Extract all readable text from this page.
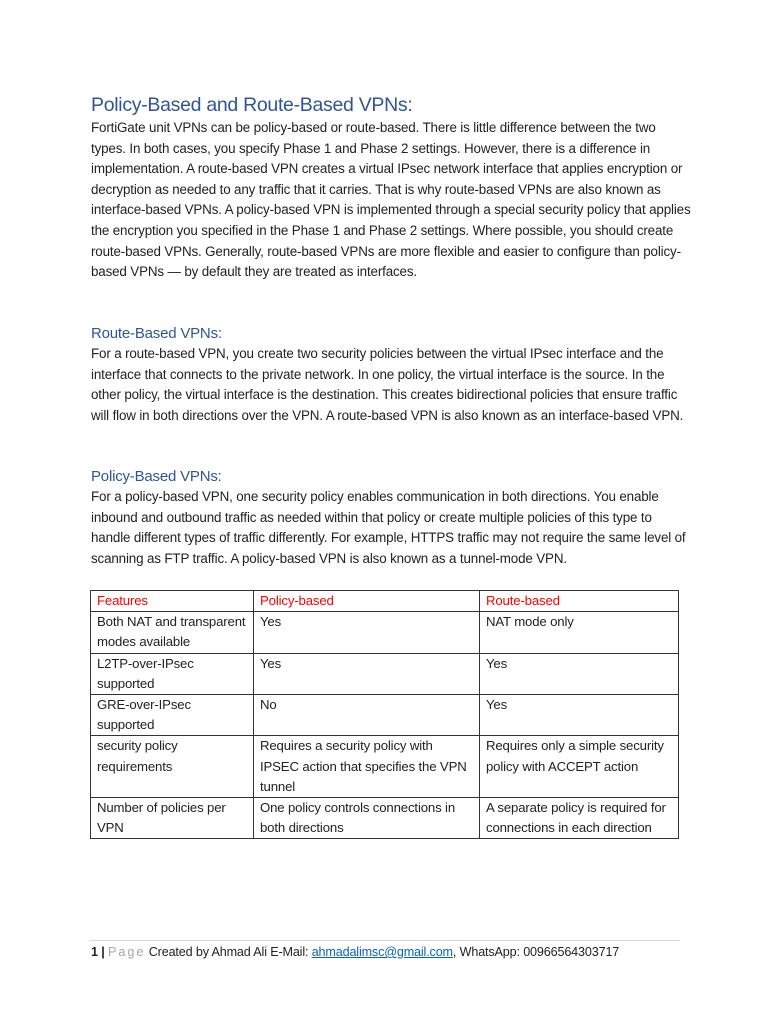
Policy-Based and Route-Based VPNs:

FortiGate unit VPNs can be policy-based or route-based. There is little difference between the two types. In both cases, you specify Phase 1 and Phase 2 settings. However, there is a difference in implementation. A route-based VPN creates a virtual IPsec network interface that applies encryption or decryption as needed to any traffic that it carries. That is why route-based VPNs are also known as interface-based VPNs. A policy-based VPN is implemented through a special security policy that applies the encryption you specified in the Phase 1 and Phase 2 settings. Where possible, you should create route-based VPNs. Generally, route-based VPNs are more flexible and easier to configure than policy-based VPNs — by default they are treated as interfaces.

Route-Based VPNs:

For a route-based VPN, you create two security policies between the virtual IPsec interface and the interface that connects to the private network. In one policy, the virtual interface is the source. In the other policy, the virtual interface is the destination. This creates bidirectional policies that ensure traffic will flow in both directions over the VPN. A route-based VPN is also known as an interface-based VPN.

Policy-Based VPNs:

For a policy-based VPN, one security policy enables communication in both directions. You enable inbound and outbound traffic as needed within that policy or create multiple policies of this type to handle different types of traffic differently. For example, HTTPS traffic may not require the same level of scanning as FTP traffic. A policy-based VPN is also known as a tunnel-mode VPN.

Features	Policy-based	Route-based
Both NAT and transparent modes available	Yes	NAT mode only
L2TP-over-IPsec supported	Yes	Yes
GRE-over-IPsec supported	No	Yes
security policy requirements	Requires a security policy with IPSEC action that specifies the VPN tunnel	Requires only a simple security policy with ACCEPT action
Number of policies per VPN	One policy controls connections in both directions	A separate policy is required for connections in each direction
1 | Page Created by Ahmad Ali E-Mail: ahmadalimsc@gmail.com, WhatsApp: 00966564303717
